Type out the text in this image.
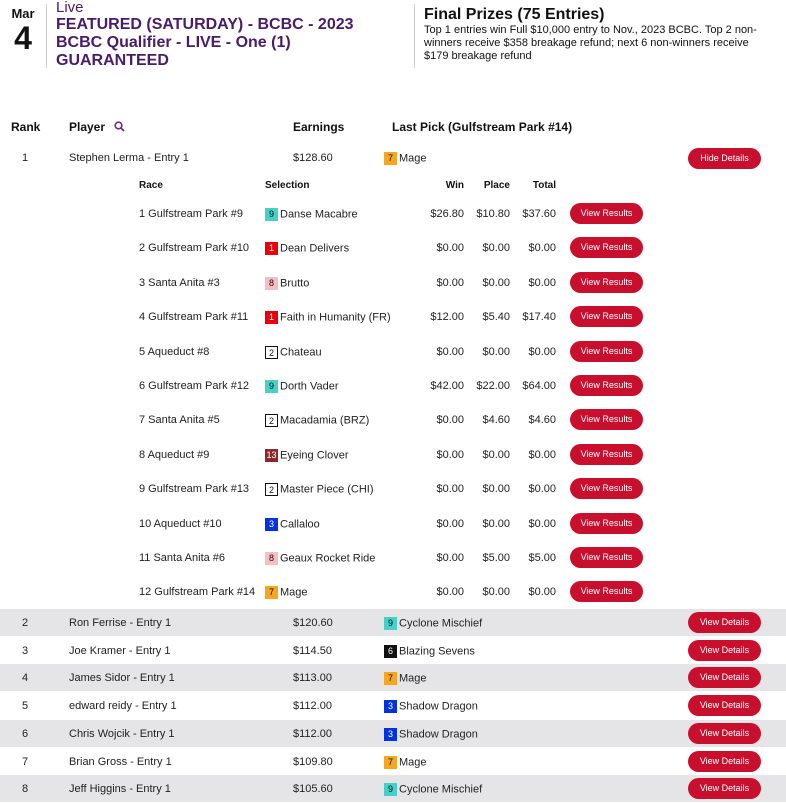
Mar
4
Live
FEATURED (SATURDAY) - BCBC - 2023 BCBC Qualifier - LIVE - One (1) GUARANTEED
Final Prizes (75 Entries)
Top 1 entries win Full $10,000 entry to Nov., 2023 BCBC. Top 2 non-winners receive $358 breakage refund; next 6 non-winners receive $179 breakage refund
Rank Player	Earnings	Last Pick (Gulfstream Park #14)
1	Stephen Lerma - Entry 1	$128.60	7 Mage	Hide Details
Race	Selection	Win	Place	Total
1 Gulfstream Park #9	9 Danse Macabre	$26.80	$10.80	$37.60	View Results
2 Gulfstream Park #10	1 Dean Delivers	$0.00	$0.00	$0.00	View Results
3 Santa Anita #3	8 Brutto	$0.00	$0.00	$0.00	View Results
4 Gulfstream Park #11	1 Faith in Humanity (FR)	$12.00	$5.40	$17.40	View Results
5 Aqueduct #8	2 Chateau	$0.00	$0.00	$0.00	View Results
6 Gulfstream Park #12	9 Dorth Vader	$42.00	$22.00	$64.00	View Results
7 Santa Anita #5	2 Macadamia (BRZ)	$0.00	$4.60	$4.60	View Results
8 Aqueduct #9	13 Eyeing Clover	$0.00	$0.00	$0.00	View Results
9 Gulfstream Park #13	2 Master Piece (CHI)	$0.00	$0.00	$0.00	View Results
10 Aqueduct #10	3 Callaloo	$0.00	$0.00	$0.00	View Results
11 Santa Anita #6	8 Geaux Rocket Ride	$0.00	$5.00	$5.00	View Results
12 Gulfstream Park #14	7 Mage	$0.00	$0.00	$0.00	View Results
2	Ron Ferrise - Entry 1	$120.60	9 Cyclone Mischief	View Details
3	Joe Kramer - Entry 1	$114.50	6 Blazing Sevens	View Details
4	James Sidor - Entry 1	$113.00	7 Mage	View Details
5	edward reidy - Entry 1	$112.00	3 Shadow Dragon	View Details
6	Chris Wojcik - Entry 1	$112.00	3 Shadow Dragon	View Details
7	Brian Gross - Entry 1	$109.80	7 Mage	View Details
8	Jeff Higgins - Entry 1	$105.60	9 Cyclone Mischief	View Details
